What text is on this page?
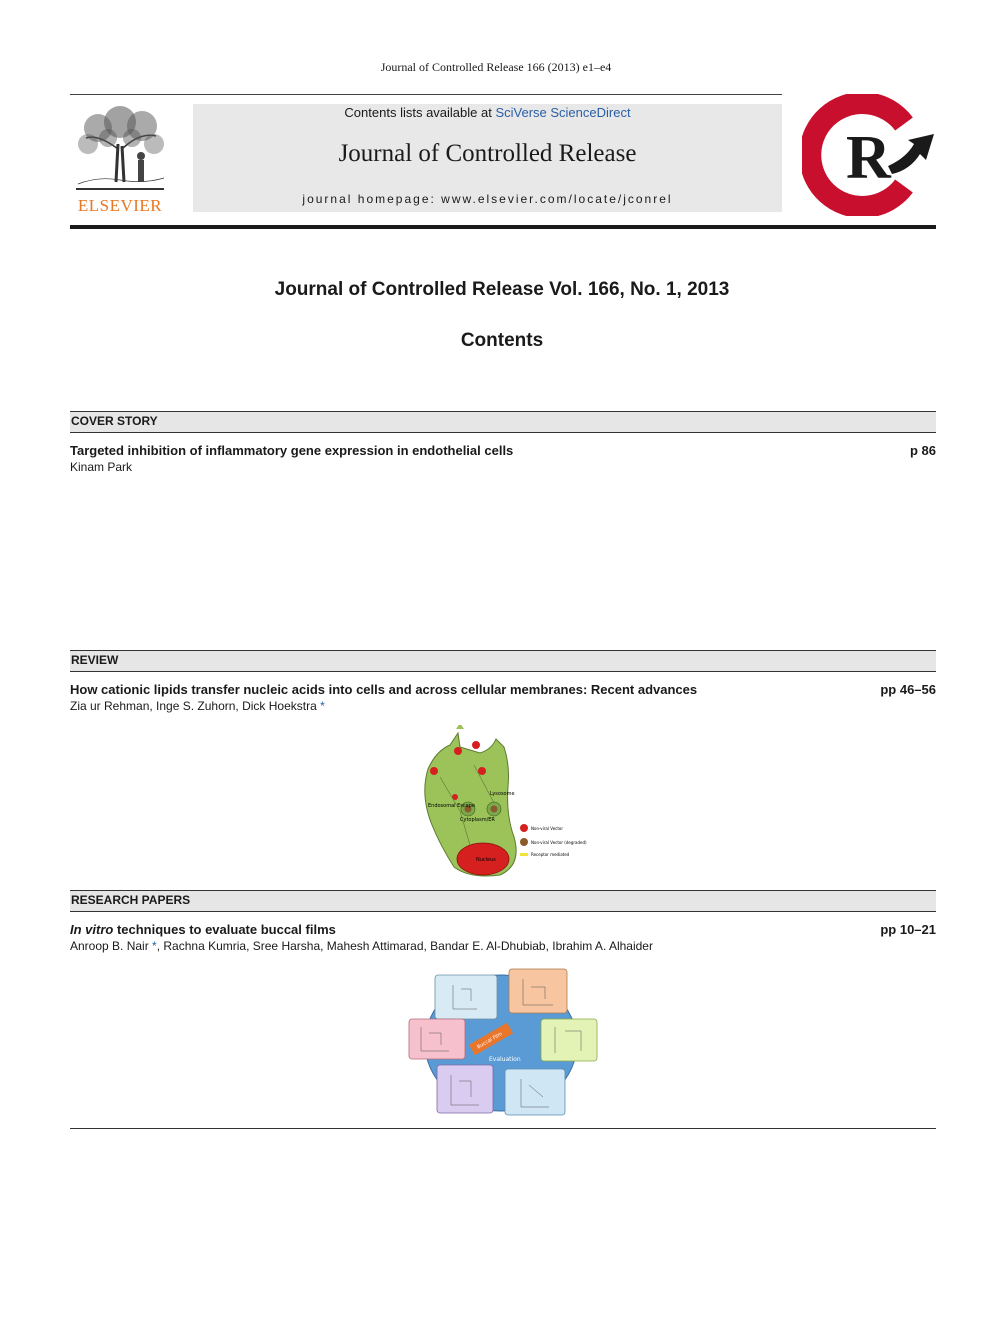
Journal of Controlled Release 166 (2013) e1–e4
ELSEVIER
Contents lists available at SciVerse ScienceDirect
Journal of Controlled Release
journal homepage: www.elsevier.com/locate/jconrel
R
Journal of Controlled Release Vol. 166, No. 1, 2013
Contents
COVER STORY
Targeted inhibition of inflammatory gene expression in endothelial cells	p 86
Kinam Park
REVIEW
How cationic lipids transfer nucleic acids into cells and across cellular membranes: Recent advances	pp 46–56
Zia ur Rehman, Inge S. Zuhorn, Dick Hoekstra *
Endosomal Escape
Cytoplasm/ER
Lysosome
Nucleus
Non-viral Vector
Non-viral Vector (degraded)
Receptor mediated
RESEARCH PAPERS
In vitro techniques to evaluate buccal films	pp 10–21
Anroop B. Nair *, Rachna Kumria, Sree Harsha, Mahesh Attimarad, Bandar E. Al-Dhubiab, Ibrahim A. Alhaider
Buccal Film
Evaluation
